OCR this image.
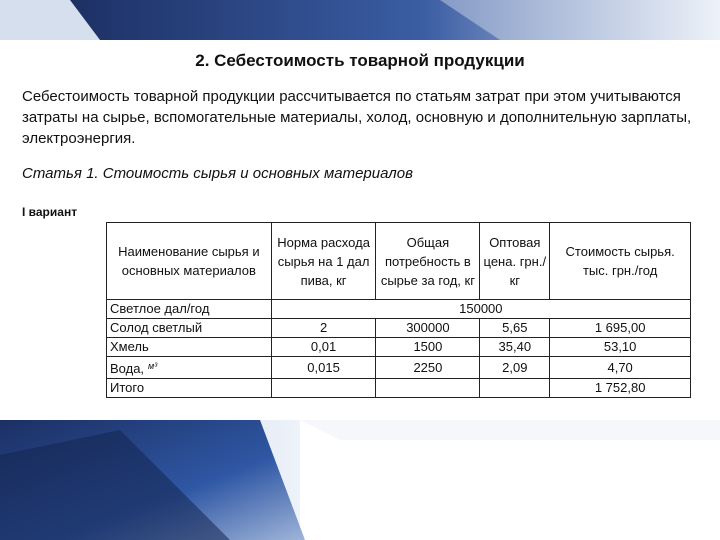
2. Себестоимость товарной продукции

Себестоимость товарной продукции рассчитывается по статьям затрат при этом учитываются затраты на сырье, вспомогательные материалы, холод, основную и дополнительную зарплаты, электроэнергия.

Статья 1. Стоимость сырья и основных материалов
I вариант
Наименование сырья и основных материалов	Норма расхода сырья на 1 дал пива, кг	Общая потребность в сырье за год, кг	Оптовая цена. грн./кг	Стоимость сырья. тыс. грн./год
Светлое дал/год	150000			
Солод светлый	2	300000	5,65	1 695,00
Хмель	0,01	1500	35,40	53,10
Вода, $^{м^3}$	0,015	2250	2,09	4,70
Итого				1 752,80
